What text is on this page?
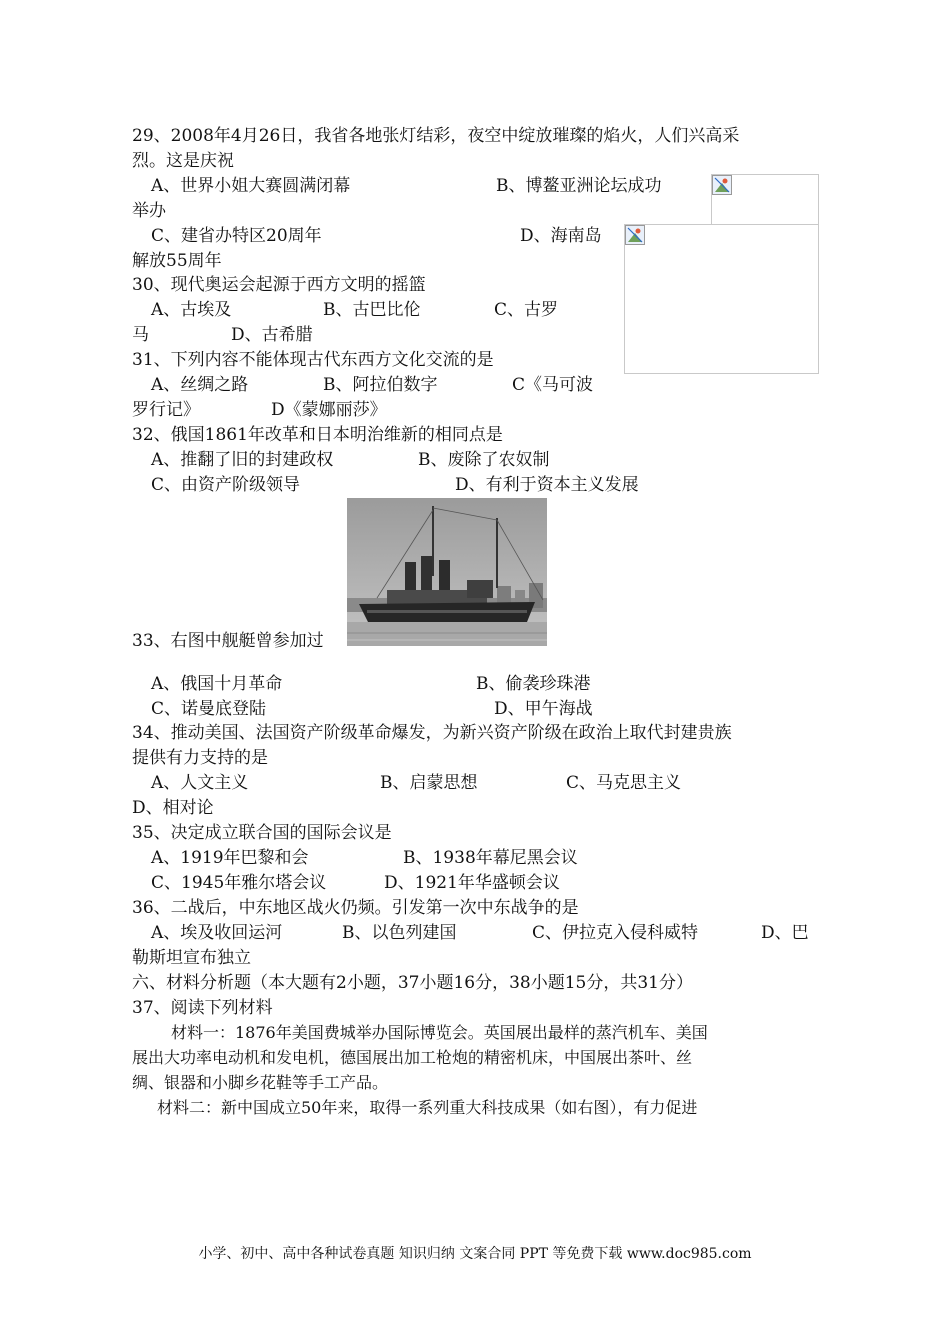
29、2008年4月26日，我省各地张灯结彩，夜空中绽放璀璨的焰火，人们兴高采
烈。这是庆祝
A、世界小姐大赛圆满闭幕	B、博鳌亚洲论坛成功
举办
C、建省办特区20周年	D、海南岛
解放55周年
30、现代奥运会起源于西方文明的摇篮
A、古埃及	B、古巴比伦	C、古罗
马	D、古希腊
31、下列内容不能体现古代东西方文化交流的是
A、丝绸之路	B、阿拉伯数字	C《马可波
罗行记》	D《蒙娜丽莎》
32、俄国1861年改革和日本明治维新的相同点是
A、推翻了旧的封建政权	B、废除了农奴制
C、由资产阶级领导	D、有利于资本主义发展
33、右图中舰艇曾参加过
A、俄国十月革命	B、偷袭珍珠港
C、诺曼底登陆	D、甲午海战
34、推动美国、法国资产阶级革命爆发，为新兴资产阶级在政治上取代封建贵族
提供有力支持的是
A、人文主义	B、启蒙思想	C、马克思主义
D、相对论
35、决定成立联合国的国际会议是
A、1919年巴黎和会	B、1938年幕尼黑会议
C、1945年雅尔塔会议	D、1921年华盛顿会议
36、二战后，中东地区战火仍频。引发第一次中东战争的是
A、埃及收回运河	B、以色列建国	C、伊拉克入侵科威特	D、巴
勒斯坦宣布独立
六、材料分析题（本大题有2小题，37小题16分，38小题15分，共31分）
37、阅读下列材料
材料一：1876年美国费城举办国际博览会。英国展出最样的蒸汽机车、美国
展出大功率电动机和发电机，德国展出加工枪炮的精密机床，中国展出茶叶、丝
绸、银器和小脚乡花鞋等手工产品。
材料二：新中国成立50年来，取得一系列重大科技成果（如右图），有力促进
小学、初中、高中各种试卷真题 知识归纳 文案合同 PPT 等免费下载 www.doc985.com
